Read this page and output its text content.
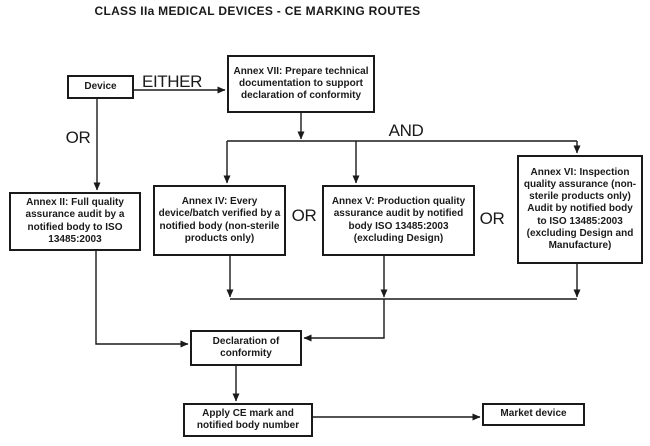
CLASS IIa MEDICAL DEVICES - CE MARKING ROUTES
Device
Annex VII: Prepare technical documentation to support declaration of conformity
Annex II: Full quality assurance audit by a notified body to ISO 13485:2003
Annex IV: Every device/batch verified by a notified body (non-sterile products only)
Annex V: Production quality assurance audit by notified body ISO 13485:2003 (excluding Design)
Annex VI: Inspection quality assurance (non-sterile products only) Audit by notified body to ISO 13485:2003 (excluding Design and Manufacture)
Declaration of conformity
Apply CE mark and notified body number
Market device
EITHER
OR	AND
OR	OR
